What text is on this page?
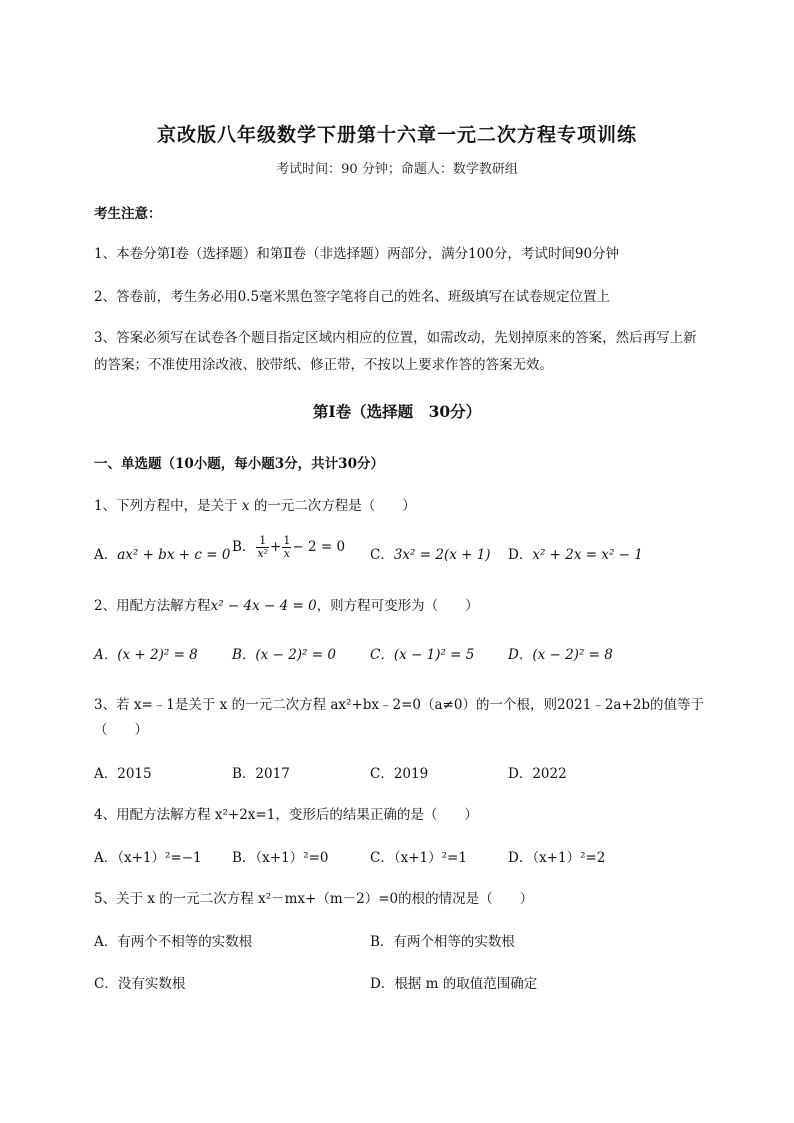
京改版八年级数学下册第十六章一元二次方程专项训练
考试时间：90 分钟；命题人：数学教研组
考生注意：
1、本卷分第Ⅰ卷（选择题）和第Ⅱ卷（非选择题）两部分，满分100分，考试时间90分钟
2、答卷前，考生务必用0.5毫米黑色签字笔将自己的姓名、班级填写在试卷规定位置上
3、答案必须写在试卷各个题目指定区域内相应的位置，如需改动，先划掉原来的答案，然后再写上新
的答案；不准使用涂改液、胶带纸、修正带，不按以上要求作答的答案无效。
第Ⅰ卷（选择题　30分）
一、单选题（10小题，每小题3分，共计30分）
1、下列方程中，是关于 x 的一元二次方程是（　　）
A．ax² + bx + c = 0 B． $\frac{1}{\text{x²}} + \frac{1}{x} - 2 = 0$ C．3x² = 2(x + 1) D．x² + 2x = x² − 1
2、用配方法解方程x² − 4x − 4 = 0，则方程可变形为（　　）
A．(x + 2)² = 8	B．(x − 2)² = 0	C．(x − 1)² = 5 D．(x − 2)² = 8
3、若 x=﹣1是关于 x 的一元二次方程 ax²+bx﹣2=0（a≠0）的一个根，则2021﹣2a+2b的值等于
（　　）
A．2015	B．2017	C．2019	D．2022
4、用配方法解方程 x²+2x=1，变形后的结果正确的是（　　）
A．（x+1）²=−1 B．（x+1）²=0	C．（x+1）²=1	D．（x+1）²=2
5、关于 x 的一元二次方程 x²－mx+（m－2）=0的根的情况是（　　）
A．有两个不相等的实数根	B．有两个相等的实数根
C．没有实数根	D．根据 m 的取值范围确定
